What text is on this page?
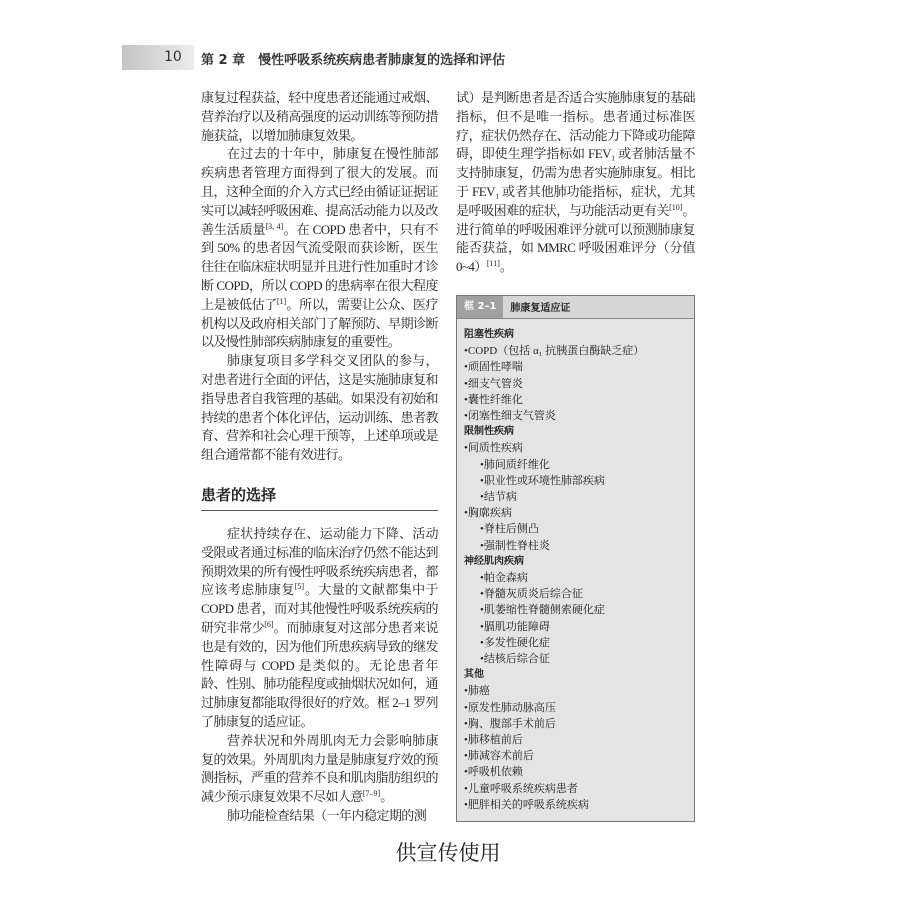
10 第 2 章　慢性呼吸系统疾病患者肺康复的选择和评估

康复过程获益，轻中度患者还能通过戒烟、营养治疗以及稍高强度的运动训练等预防措施获益，以增加肺康复效果。

在过去的十年中，肺康复在慢性肺部疾病患者管理方面得到了很大的发展。而且，这种全面的介入方式已经由循证证据证实可以减轻呼吸困难、提高活动能力以及改善生活质量[3, 4]。在 COPD 患者中，只有不到 50% 的患者因气流受限而获诊断，医生往往在临床症状明显并且进行性加重时才诊断 COPD，所以 COPD 的患病率在很大程度上是被低估了[1]。所以，需要让公众、医疗机构以及政府相关部门了解预防、早期诊断以及慢性肺部疾病肺康复的重要性。

肺康复项目多学科交叉团队的参与，对患者进行全面的评估，这是实施肺康复和指导患者自我管理的基础。如果没有初始和持续的患者个体化评估，运动训练、患者教育、营养和社会心理干预等，上述单项或是组合通常都不能有效进行。

患者的选择

症状持续存在、运动能力下降、活动受限或者通过标准的临床治疗仍然不能达到预期效果的所有慢性呼吸系统疾病患者，都应该考虑肺康复[5]。大量的文献都集中于 COPD 患者，而对其他慢性呼吸系统疾病的研究非常少[6]。而肺康复对这部分患者来说也是有效的，因为他们所患疾病导致的继发性障碍与 COPD 是类似的。无论患者年龄、性别、肺功能程度或抽烟状况如何，通过肺康复都能取得很好的疗效。框 2–1 罗列了肺康复的适应证。

营养状况和外周肌肉无力会影响肺康复的效果。外周肌肉力量是肺康复疗效的预测指标，严重的营养不良和肌肉脂肪组织的减少预示康复效果不尽如人意[7–9]。

肺功能检查结果（一年内稳定期的测

试）是判断患者是否适合实施肺康复的基础指标，但不是唯一指标。患者通过标准医疗，症状仍然存在、活动能力下降或功能障碍，即使生理学指标如 FEV₁ 或者肺活量不支持肺康复，仍需为患者实施肺康复。相比于 FEV₁ 或者其他肺功能指标，症状，尤其是呼吸困难的症状，与功能活动更有关[10]。进行简单的呼吸困难评分就可以预测肺康复能否获益，如 MMRC 呼吸困难评分（分值 0~4）[11]。

框 2–1	肺康复适应证
阻塞性疾病
•COPD（包括 α₁ 抗胰蛋白酶缺乏症）
•顽固性哮喘
•细支气管炎
•囊性纤维化
•闭塞性细支气管炎
限制性疾病
•间质性疾病
•肺间质纤维化
•职业性或环境性肺部疾病
•结节病
•胸廓疾病
•脊柱后侧凸
•强制性脊柱炎
神经肌肉疾病
•帕金森病
•脊髓灰质炎后综合征
•肌萎缩性脊髓侧索硬化症
•膈肌功能障碍
•多发性硬化症
•结核后综合征
其他
•肺癌
•原发性肺动脉高压
•胸、腹部手术前后
•肺移植前后
•肺减容术前后
•呼吸机依赖
•儿童呼吸系统疾病患者
•肥胖相关的呼吸系统疾病
供宣传使用
